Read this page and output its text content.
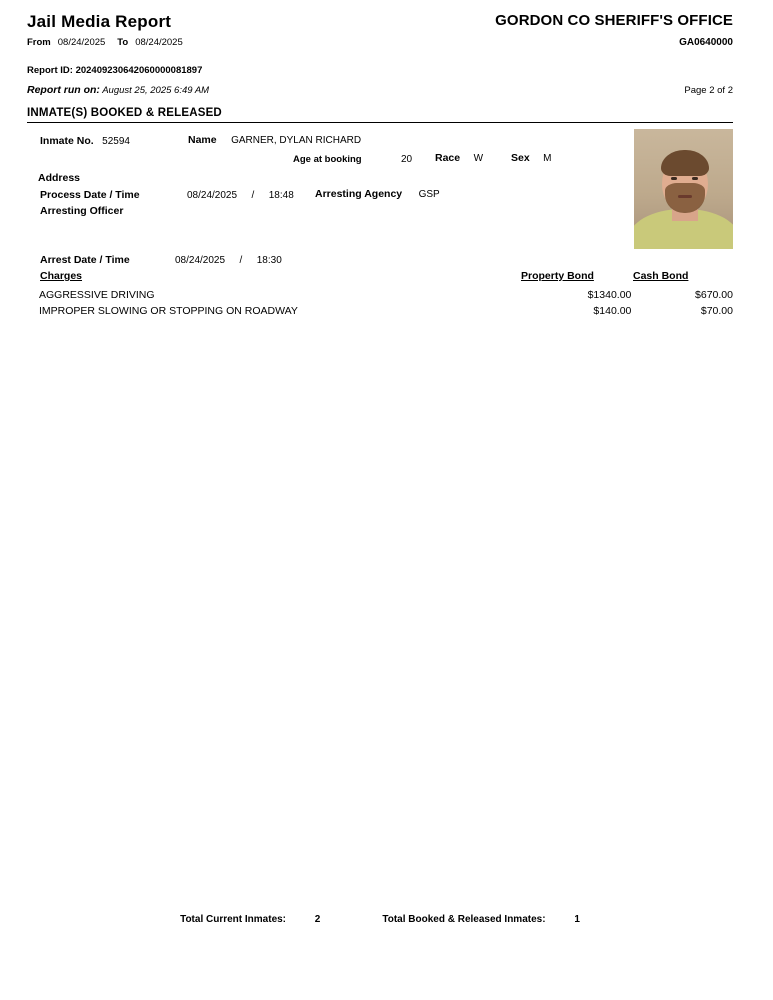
Jail Media Report	GORDON CO SHERIFF'S OFFICE
From 08/24/2025 To 08/24/2025	GA0640000
Report ID: 202409230642060000081897
Report run on: August 25, 2025 6:49 AM	Page 2 of 2
INMATE(S) BOOKED & RELEASED
Inmate No. 52594	Name GARNER, DYLAN RICHARD
Age at booking	20 Race W	Sex M
Address
Process Date / Time	08/24/2025 / 18:48 Arresting Agency GSP
Arresting Officer
Arrest Date / Time	08/24/2025 / 18:30
Charges	Property Bond	Cash Bond
AGGRESSIVE DRIVING	$1340.00	$670.00
IMPROPER SLOWING OR STOPPING ON ROADWAY	$140.00	$70.00
Total Current Inmates:	2	Total Booked & Released Inmates:	1
